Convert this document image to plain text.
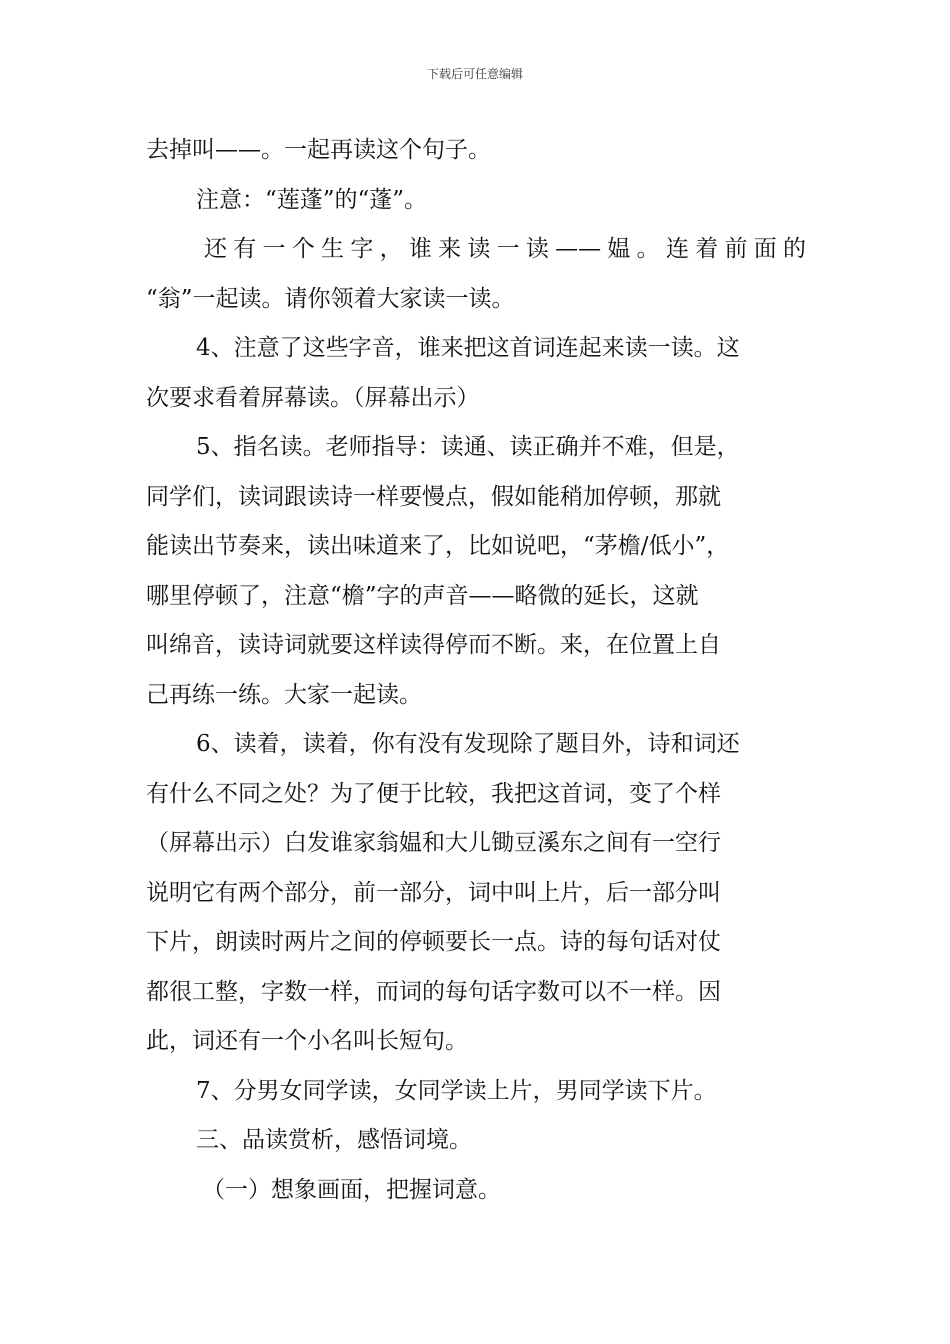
下载后可任意编辑

去掉叫——。一起再读这个句子。

注意：“莲蓬”的“蓬”。

还有一个生字，谁来读一读——媪。连着前面的

“翁”一起读。请你领着大家读一读。

4、注意了这些字音，谁来把这首词连起来读一读。这

次要求看着屏幕读。（屏幕出示）

5、指名读。老师指导：读通、读正确并不难，但是，

同学们，读词跟读诗一样要慢点，假如能稍加停顿，那就

能读出节奏来，读出味道来了，比如说吧，“茅檐/低小”，

哪里停顿了，注意“檐”字的声音——略微的延长，这就

叫绵音，读诗词就要这样读得停而不断。来，在位置上自

己再练一练。大家一起读。

6、读着，读着，你有没有发现除了题目外，诗和词还

有什么不同之处？为了便于比较，我把这首词，变了个样

（屏幕出示）白发谁家翁媪和大儿锄豆溪东之间有一空行

说明它有两个部分，前一部分，词中叫上片，后一部分叫

下片，朗读时两片之间的停顿要长一点。诗的每句话对仗

都很工整，字数一样，而词的每句话字数可以不一样。因

此，词还有一个小名叫长短句。

7、分男女同学读，女同学读上片，男同学读下片。

三、品读赏析，感悟词境。

（一）想象画面，把握词意。
